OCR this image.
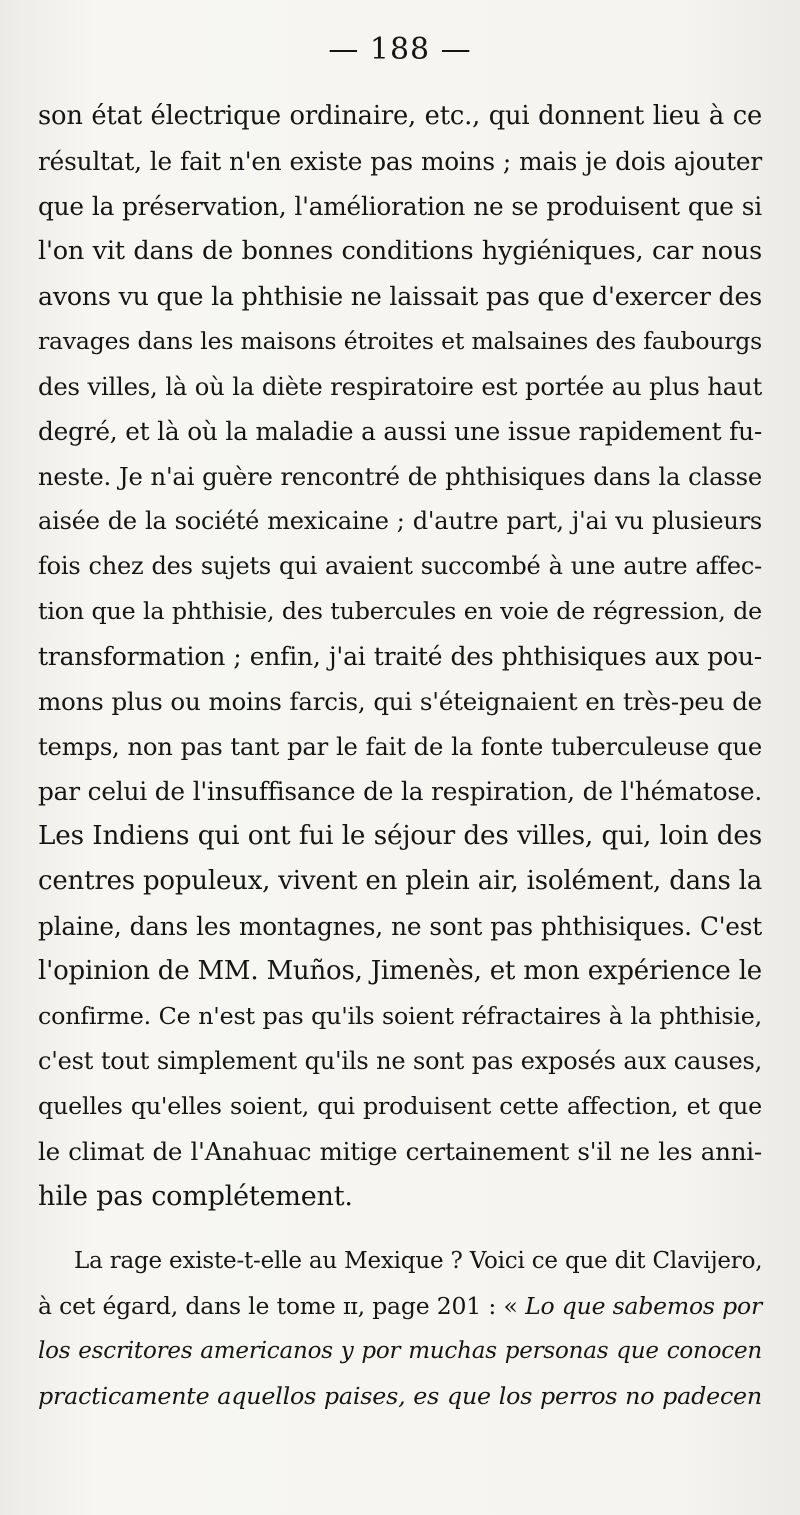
— 188 —
son état électrique ordinaire, etc., qui donnent lieu à ce
résultat, le fait n'en existe pas moins ; mais je dois ajouter
que la préservation, l'amélioration ne se produisent que si
l'on vit dans de bonnes conditions hygiéniques, car nous
avons vu que la phthisie ne laissait pas que d'exercer des
ravages dans les maisons étroites et malsaines des faubourgs
des villes, là où la diète respiratoire est portée au plus haut
degré, et là où la maladie a aussi une issue rapidement fu-
neste. Je n'ai guère rencontré de phthisiques dans la classe
aisée de la société mexicaine ; d'autre part, j'ai vu plusieurs
fois chez des sujets qui avaient succombé à une autre affec-
tion que la phthisie, des tubercules en voie de régression, de
transformation ; enfin, j'ai traité des phthisiques aux pou-
mons plus ou moins farcis, qui s'éteignaient en très-peu de
temps, non pas tant par le fait de la fonte tuberculeuse que
par celui de l'insuffisance de la respiration, de l'hématose.
Les Indiens qui ont fui le séjour des villes, qui, loin des
centres populeux, vivent en plein air, isolément, dans la
plaine, dans les montagnes, ne sont pas phthisiques. C'est
l'opinion de MM. Muños, Jimenès, et mon expérience le
confirme. Ce n'est pas qu'ils soient réfractaires à la phthisie,
c'est tout simplement qu'ils ne sont pas exposés aux causes,
quelles qu'elles soient, qui produisent cette affection, et que
le climat de l'Anahuac mitige certainement s'il ne les anni-
hile pas complétement.
La rage existe-t-elle au Mexique ? Voici ce que dit Clavijero,
à cet égard, dans le tome ɪɪ, page 201 : « Lo que sabemos por
los escritores americanos y por muchas personas que conocen
practicamente aquellos paises, es que los perros no padecen
